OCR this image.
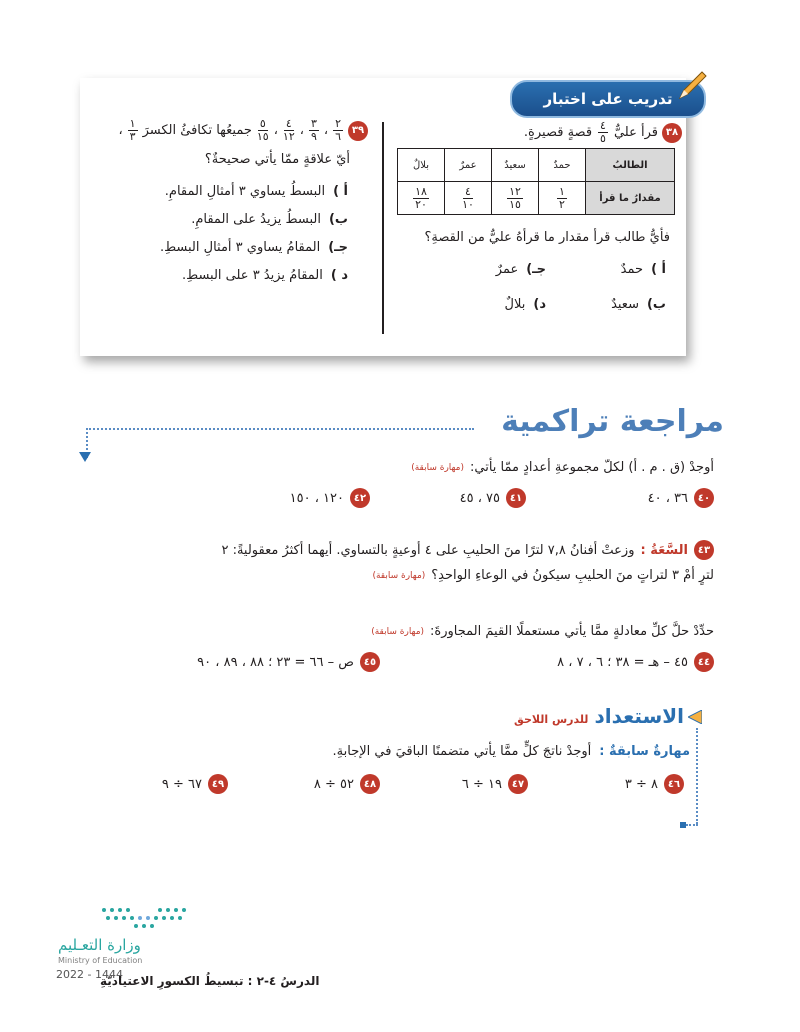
تدريب على اختبار
٣٨
قرأ عليٌّ
$\frac{٤}{٥}$
قصةٍ قصيرةٍ.
الطالبُ	حمدٌ	سعيدٌ	عمرٌ	بلالٌ
مقدارُ ما قرأ	$\frac{١}{٢}$	$\frac{١٢}{١٥}$	$\frac{٤}{١٠}$	$\frac{١٨}{٢٠}$
فأيُّ طالب قرأ مقدار ما قرأهُ عليٌّ من القصةِ؟
أ )حمدٌ
جـ)عمرٌ
ب)سعيدٌ
د)بلالٌ
٣٩
$\frac{٢}{٦}$
،
$\frac{٣}{٩}$
،
$\frac{٤}{١٢}$
،
$\frac{٥}{١٥}$
جميعُها تكافئُ الكسرَ
$\frac{١}{٣}$
،
أيّ علاقةٍ ممّا يأتي صحيحةٌ؟
أ )البسطُ يساوي ٣ أمثالِ المقامِ.
ب)البسطُ يزيدُ على المقامِ.
جـ)المقامُ يساوي ٣ أمثالِ البسطِ.
د )المقامُ يزيدُ ٣ على البسطِ.
مراجعة تراكمية
أوجدْ (ق . م . أ) لكلّ مجموعةِ أعدادٍ ممّا يأتي:
(مهارة سابقة)
٤٠
٣٦ ، ٤٠
٤١
٧٥ ، ٤٥
٤٢
١٢٠ ، ١٥٠
٤٣
السَّعَةُ :
وزعتْ أفنانُ ٧,٨ لترًا منَ الحليبِ على ٤ أوعيةٍ بالتساوي. أيهما أكثرُ معقوليةً: ٢
لترٍ أمْ ٣ لتراتٍ منَ الحليبِ سيكونُ في الوعاءِ الواحدِ؟
(مهارة سابقة)
حدِّدْ حلَّ كلِّ معادلةٍ ممَّا يأتي مستعملًا القيمَ المجاورةَ:
(مهارة سابقة)
٤٤
٤٥ – هـ = ٣٨ ؛ ٦ ، ٧ ، ٨
٤٥
ص – ٦٦ = ٢٣ ؛ ٨٨ ، ٨٩ ، ٩٠
الاستعداد
للدرس اللاحق
مهارةٌ سابقةٌ :
أوجدْ ناتجَ كلٍّ ممَّا يأتي متضمنًا الباقيَ في الإجابةِ.
٤٦
٨ ÷ ٣
٤٧
١٩ ÷ ٦
٤٨
٥٢ ÷ ٨
٤٩
٦٧ ÷ ٩
وزارة التعـليم
Ministry of Education
2022 - 1444
الدرسُ ٤-٢ : تبسيطُ الكسورِ الاعتياديّةِ
